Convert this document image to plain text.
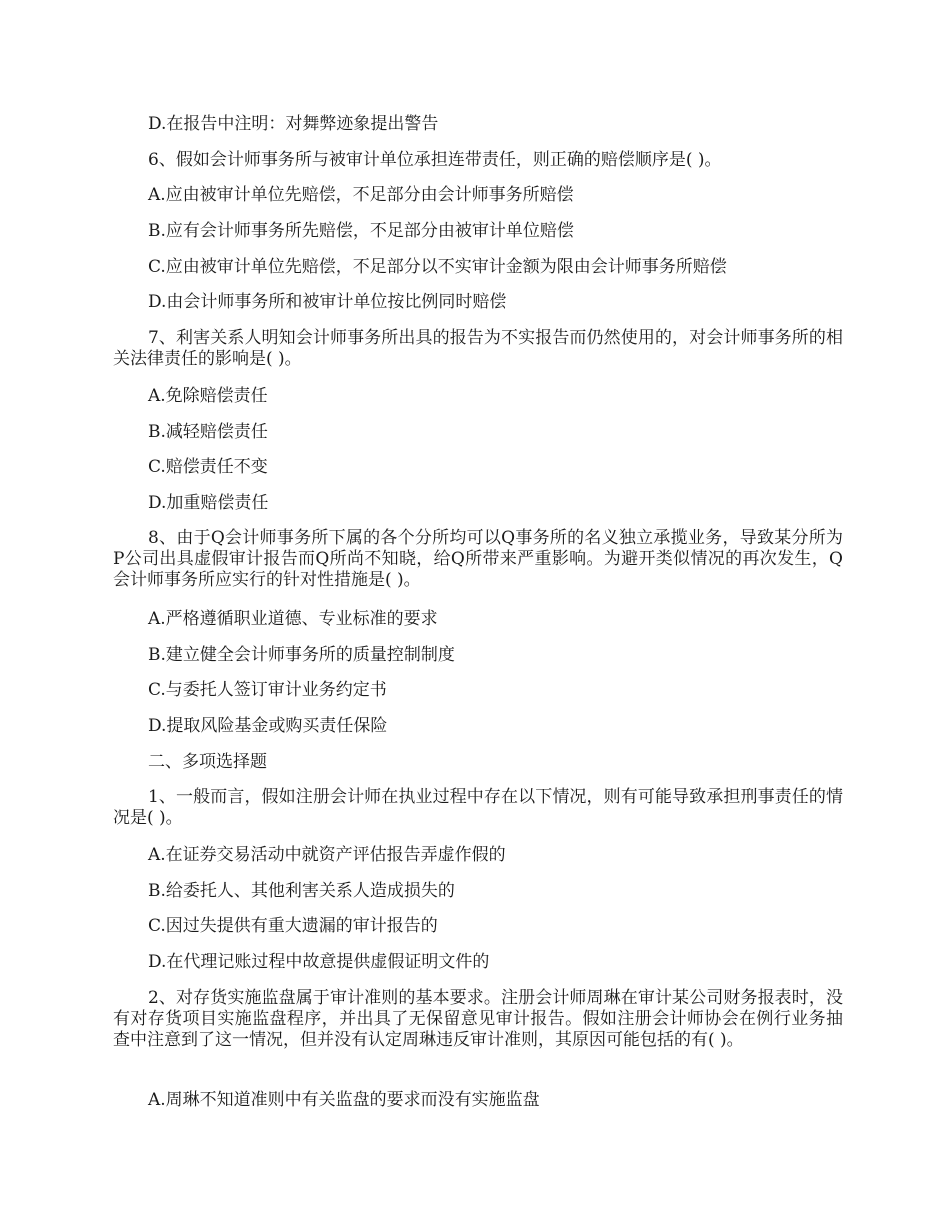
D.在报告中注明：对舞弊迹象提出警告
6、假如会计师事务所与被审计单位承担连带责任，则正确的赔偿顺序是( )。
A.应由被审计单位先赔偿，不足部分由会计师事务所赔偿
B.应有会计师事务所先赔偿，不足部分由被审计单位赔偿
C.应由被审计单位先赔偿，不足部分以不实审计金额为限由会计师事务所赔偿
D.由会计师事务所和被审计单位按比例同时赔偿

7、利害关系人明知会计师事务所出具的报告为不实报告而仍然使用的，对会计师事务所的相关法律责任的影响是( )。

A.免除赔偿责任
B.减轻赔偿责任
C.赔偿责任不变
D.加重赔偿责任

8、由于Q会计师事务所下属的各个分所均可以Q事务所的名义独立承揽业务，导致某分所为P公司出具虚假审计报告而Q所尚不知晓，给Q所带来严重影响。为避开类似情况的再次发生，Q会计师事务所应实行的针对性措施是( )。

A.严格遵循职业道德、专业标准的要求
B.建立健全会计师事务所的质量控制制度
C.与委托人签订审计业务约定书
D.提取风险基金或购买责任保险
二、多项选择题

1、一般而言，假如注册会计师在执业过程中存在以下情况，则有可能导致承担刑事责任的情况是( )。

A.在证券交易活动中就资产评估报告弄虚作假的
B.给委托人、其他利害关系人造成损失的
C.因过失提供有重大遗漏的审计报告的
D.在代理记账过程中故意提供虚假证明文件的

2、对存货实施监盘属于审计准则的基本要求。注册会计师周琳在审计某公司财务报表时，没有对存货项目实施监盘程序，并出具了无保留意见审计报告。假如注册会计师协会在例行业务抽查中注意到了这一情况，但并没有认定周琳违反审计准则，其原因可能包括的有( )。

A.周琳不知道准则中有关监盘的要求而没有实施监盘
